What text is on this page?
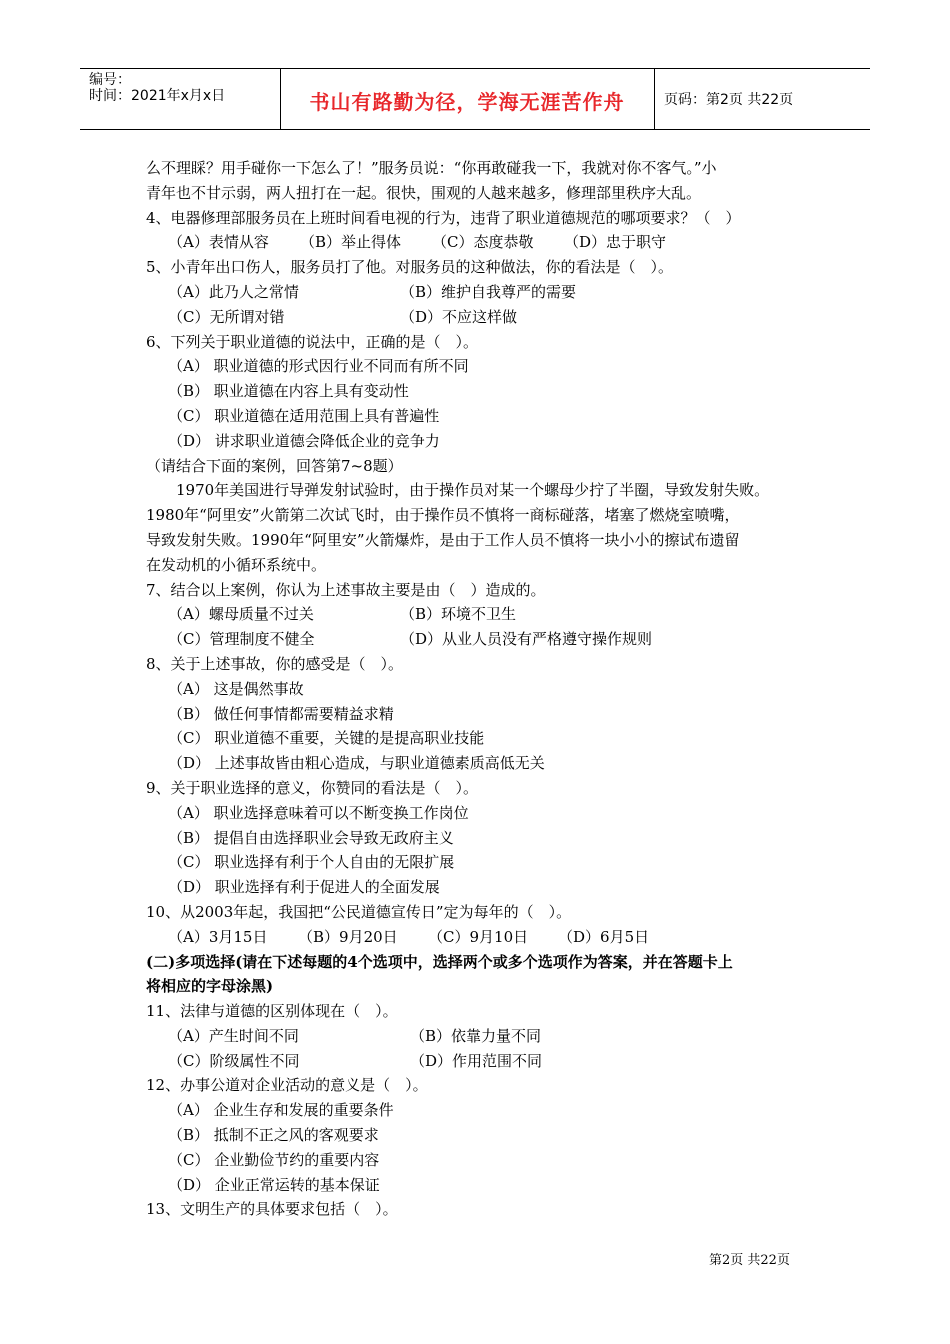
编号：
时间：2021年x月x日	书山有路勤为径，学海无涯苦作舟	页码：第2页 共22页
么不理睬？用手碰你一下怎么了！”服务员说：“你再敢碰我一下，我就对你不客气。”小
青年也不甘示弱，两人扭打在一起。很快，围观的人越来越多，修理部里秩序大乱。
4、电器修理部服务员在上班时间看电视的行为，违背了职业道德规范的哪项要求？（　）
（A）表情从容 （B）举止得体 （C）态度恭敬 （D）忠于职守
5、小青年出口伤人，服务员打了他。对服务员的这种做法，你的看法是（　）。
（A）此乃人之常情	（B）维护自我尊严的需要
（C）无所谓对错	（D）不应这样做
6、下列关于职业道德的说法中，正确的是（　）。
（A） 职业道德的形式因行业不同而有所不同
（B） 职业道德在内容上具有变动性
（C） 职业道德在适用范围上具有普遍性
（D） 讲求职业道德会降低企业的竞争力
（请结合下面的案例，回答第7~8题）
　　1970年美国进行导弹发射试验时，由于操作员对某一个螺母少拧了半圈，导致发射失败。
1980年“阿里安”火箭第二次试飞时，由于操作员不慎将一商标碰落，堵塞了燃烧室喷嘴，
导致发射失败。1990年“阿里安”火箭爆炸，是由于工作人员不慎将一块小小的擦试布遗留
在发动机的小循环系统中。
7、结合以上案例，你认为上述事故主要是由（　）造成的。
（A）螺母质量不过关	（B）环境不卫生
（C）管理制度不健全	（D）从业人员没有严格遵守操作规则
8、关于上述事故，你的感受是（　）。
（A） 这是偶然事故
（B） 做任何事情都需要精益求精
（C） 职业道德不重要，关键的是提高职业技能
（D） 上述事故皆由粗心造成，与职业道德素质高低无关
9、关于职业选择的意义，你赞同的看法是（　）。
（A） 职业选择意味着可以不断变换工作岗位
（B） 提倡自由选择职业会导致无政府主义
（C） 职业选择有利于个人自由的无限扩展
（D） 职业选择有利于促进人的全面发展
10、从2003年起，我国把“公民道德宣传日”定为每年的（　）。
（A）3月15日 （B）9月20日 （C）9月10日 （D）6月5日
(二)多项选择(请在下述每题的4个选项中，选择两个或多个选项作为答案，并在答题卡上
将相应的字母涂黑)
11、法律与道德的区别体现在（　）。
（A）产生时间不同	（B）依靠力量不同
（C）阶级属性不同	（D）作用范围不同
12、办事公道对企业活动的意义是（　）。
（A） 企业生存和发展的重要条件
（B） 抵制不正之风的客观要求
（C） 企业勤俭节约的重要内容
（D） 企业正常运转的基本保证
13、文明生产的具体要求包括（　）。
第2页 共22页
